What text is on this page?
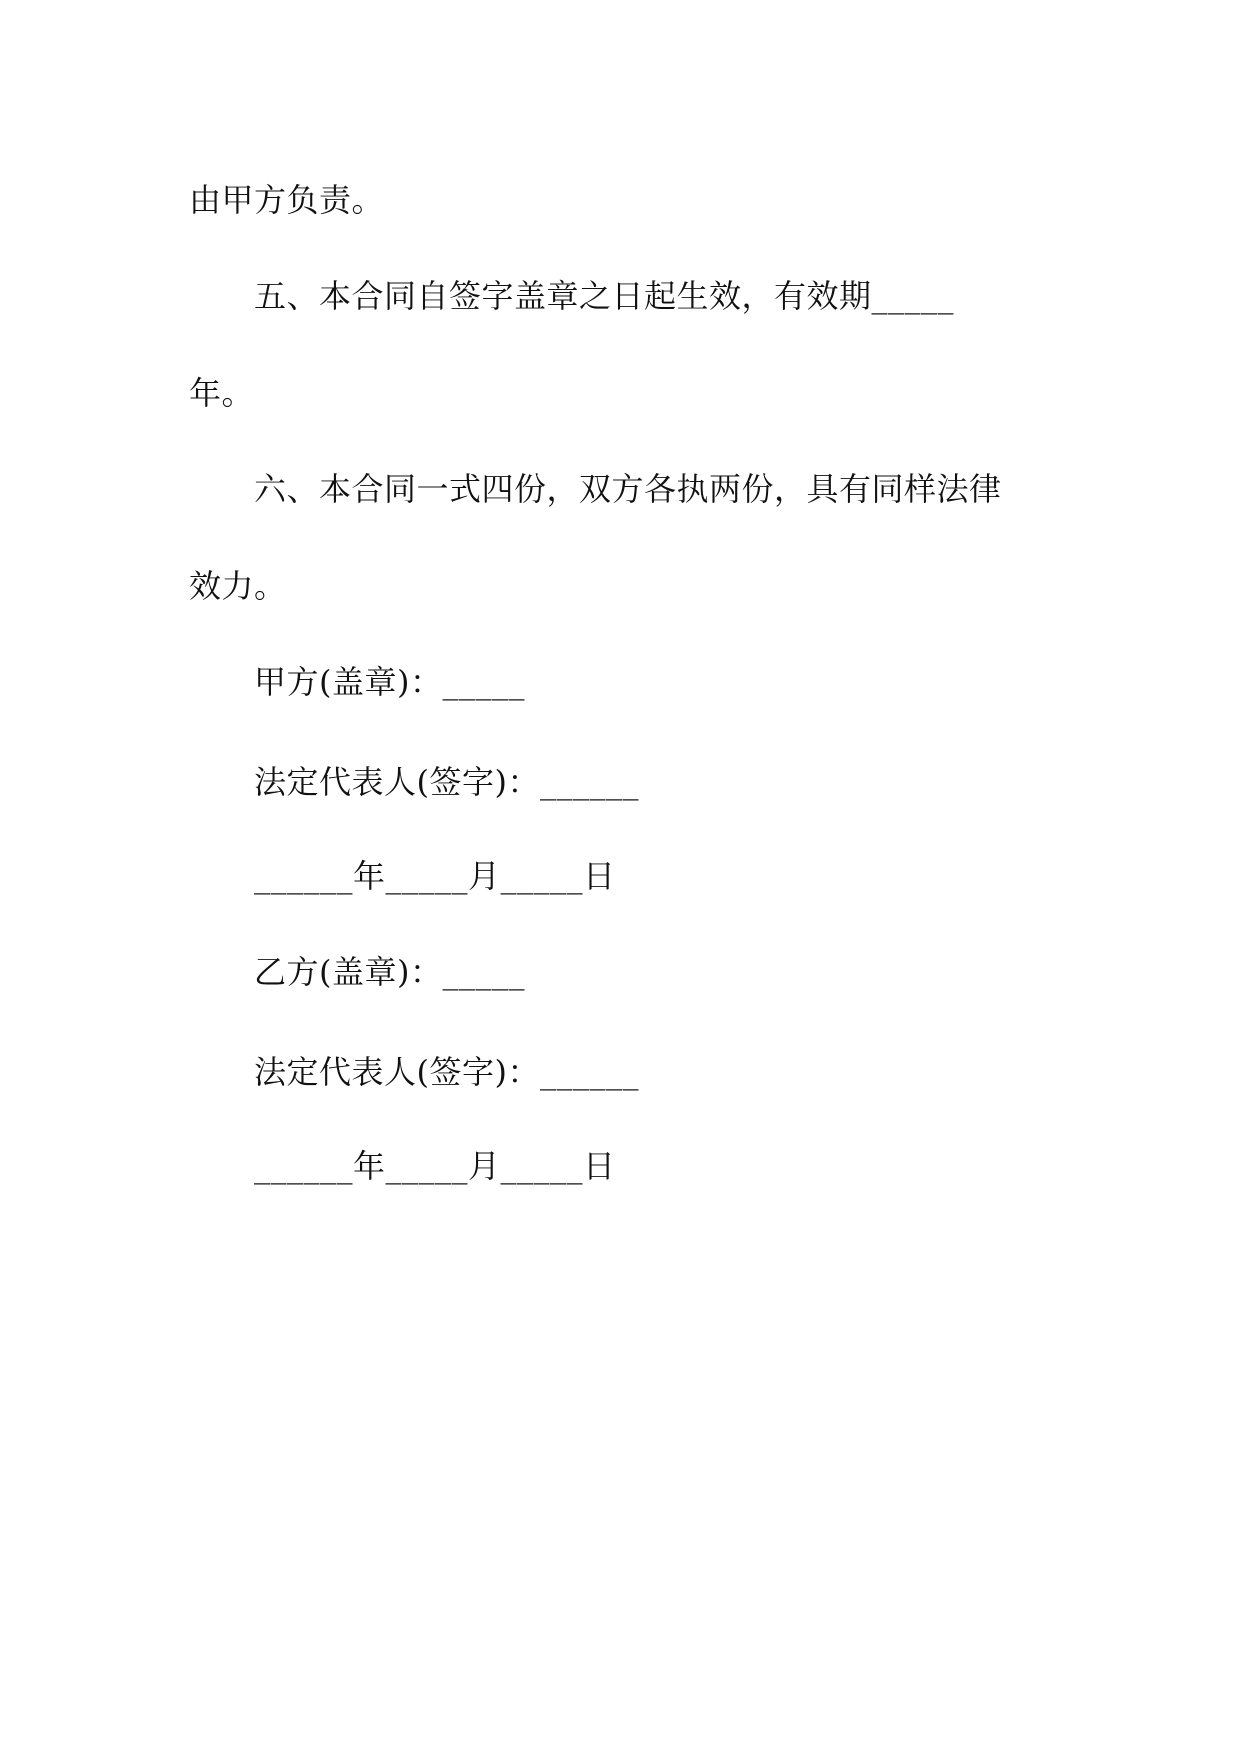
由甲方负责。

五、本合同自签字盖章之日起生效，有效期_____

年。

六、本合同一式四份，双方各执两份，具有同样法律

效力。

甲方(盖章)：_____

法定代表人(签字)：______

______年_____月_____日

乙方(盖章)：_____

法定代表人(签字)：______

______年_____月_____日
